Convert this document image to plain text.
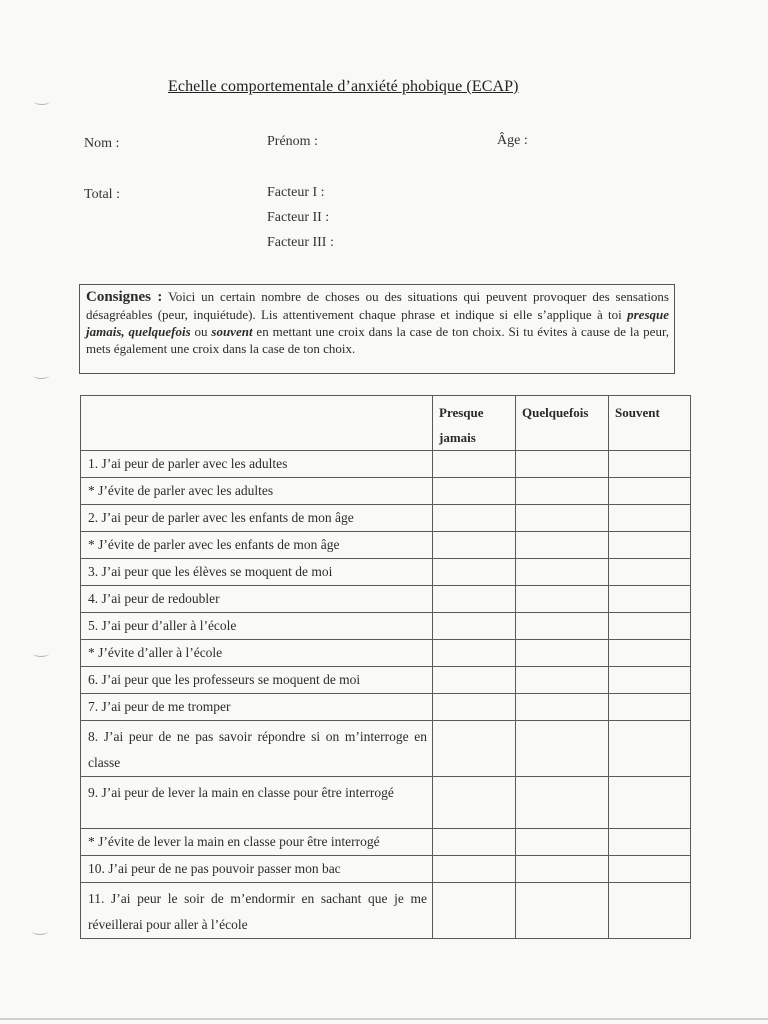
Echelle comportementale d’anxiété phobique (ECAP)
Nom :	Prénom :	Âge :
Total :	Facteur I :
Facteur II :
Facteur III :
Consignes : Voici un certain nombre de choses ou des situations qui peuvent provoquer des sensations désagréables (peur, inquiétude). Lis attentivement chaque phrase et indique si elle s’applique à toi presque jamais, quelquefois ou souvent en mettant une croix dans la case de ton choix. Si tu évites à cause de la peur, mets également une croix dans la case de ton choix.
	Presque jamais	Quelquefois	Souvent
1. J’ai peur de parler avec les adultes			
* J’évite de parler avec les adultes			
2. J’ai peur de parler avec les enfants de mon âge			
* J’évite de parler avec les enfants de mon âge			
3. J’ai peur que les élèves se moquent de moi			
4. J’ai peur de redoubler			
5. J’ai peur d’aller à l’école			
* J’évite d’aller à l’école			
6. J’ai peur que les professeurs se moquent de moi			
7. J’ai peur de me tromper			
8. J’ai peur de ne pas savoir répondre si on m’interroge en classe			
9. J’ai peur de lever la main en classe pour être interrogé			
* J’évite de lever la main en classe pour être interrogé			
10. J’ai peur de ne pas pouvoir passer mon bac			
11. J’ai peur le soir de m’endormir en sachant que je me réveillerai pour aller à l’école			
